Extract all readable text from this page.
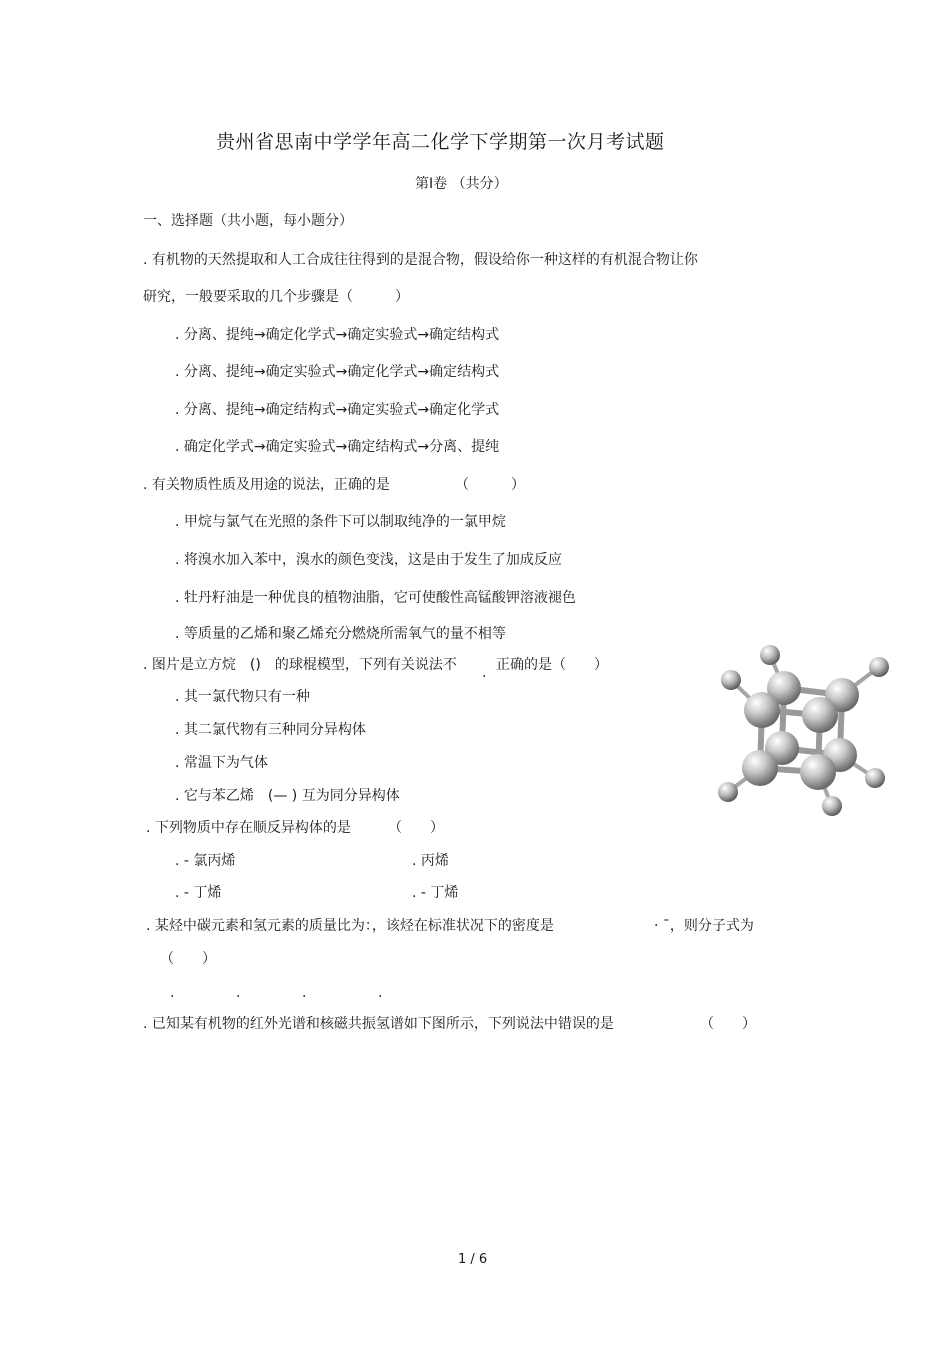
贵州省思南中学学年高二化学下学期第一次月考试题
第Ⅰ卷 （共分）
一、选择题（共小题，每小题分）
. 有机物的天然提取和人工合成往往得到的是混合物，假设给你一种这样的有机混合物让你
研究，一般要采取的几个步骤是（　　　）
. 分离、提纯→确定化学式→确定实验式→确定结构式
. 分离、提纯→确定实验式→确定化学式→确定结构式
. 分离、提纯→确定结构式→确定实验式→确定化学式
. 确定化学式→确定实验式→确定结构式→分离、提纯
. 有关物质性质及用途的说法，正确的是	（　　　）
. 甲烷与氯气在光照的条件下可以制取纯净的一氯甲烷
. 将溴水加入苯中，溴水的颜色变浅，这是由于发生了加成反应
. 牡丹籽油是一种优良的植物油脂，它可使酸性高锰酸钾溶液褪色
. 等质量的乙烯和聚乙烯充分燃烧所需氧气的量不相等
. 图片是立方烷　()　的球棍模型，下列有关说法不 . 正确的是（　　）
. 其一氯代物只有一种
. 其二氯代物有三种同分异构体
. 常温下为气体
. 它与苯乙烯　(— ) 互为同分异构体
. 下列物质中存在顺反异构体的是	（　　）
. - 氯丙烯	. 丙烯
. - 丁烯	. - 丁烯
. 某烃中碳元素和氢元素的质量比为：，该烃在标准状况下的密度是	· ¯，则分子式为
（　　）
.	.	.	.
. 已知某有机物的红外光谱和核磁共振氢谱如下图所示，下列说法中错误的是	（　　）
1 / 6
